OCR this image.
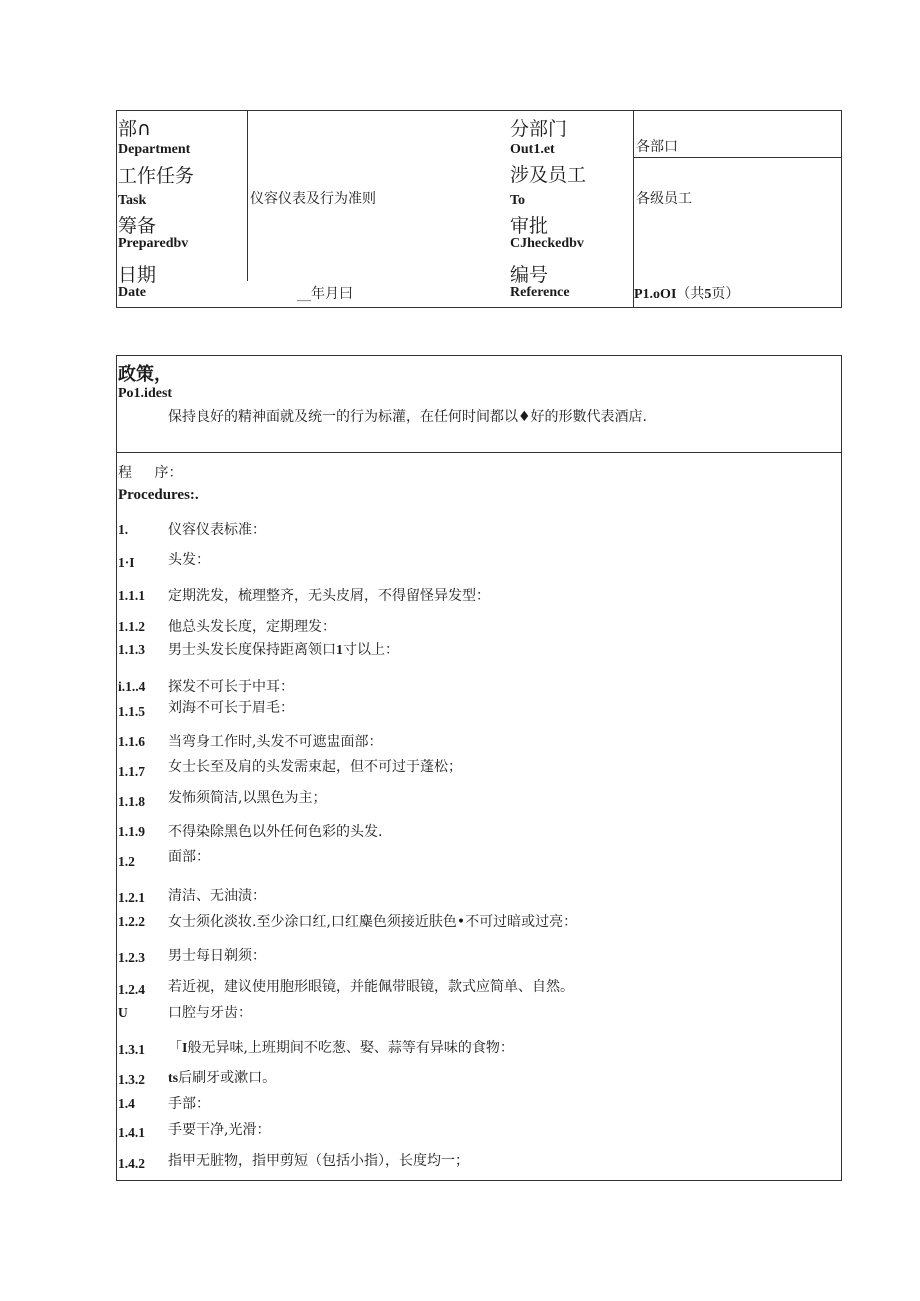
部∩
Department
工作任务
Task
筹备
Preparedbv
日期
Date
仪容仪表及行为准则
__年月曰
分部门
Out1.et
涉及员工
To
审批
CJheckedbv
编号
Reference
各部口
各级员工
P1.oOI（共5页）
政策，
Po1.idest
保持良好的精神面就及统一的行为标灌，在任何时间都以♦好的形數代表酒店.
程 序：
Procedures:.
1.	仪容仪表标准：
1·I 头发：
1.1.1 定期洗发，梳理整齐，无头皮屑，不得留怪异发型：
1.1.2 他总头发长度，定期理发：
1.1.3 男士头发长度保持距离领口1寸以上：
i.1..4 探发不可长于中耳：
1.1.5 刘海不可长于眉毛：
1.1.6 当弯身工作时,头发不可遮盅面部：
1.1.7 女士长至及肩的头发需束起，但不可过于蓬松；
1.1.8 发怖须简洁,以黑色为主；
1.1.9 不得染除黑色以外任何色彩的头发.
1.2 面部：
1.2.1 清洁、无油渍：
1.2.2 女士须化淡妆.至少涂口红,口红麋色须接近肤色•不可过暗或过亮：
1.2.3 男士每日剃须：
1.2.4 若近视，建议使用胞形眼镜，并能佩带眼镜，款式应简单、自然。
U	口腔与牙齿：
1.3.1 「I般无异味,上班期间不吃葱、娶、蒜等有异味的食物：
1.3.2 ts后刷牙或漱口。
1.4 手部：
1.4.1 手要干净,光滑：
1.4.2 指甲无脏物，指甲剪短（包括小指），长度均一；
